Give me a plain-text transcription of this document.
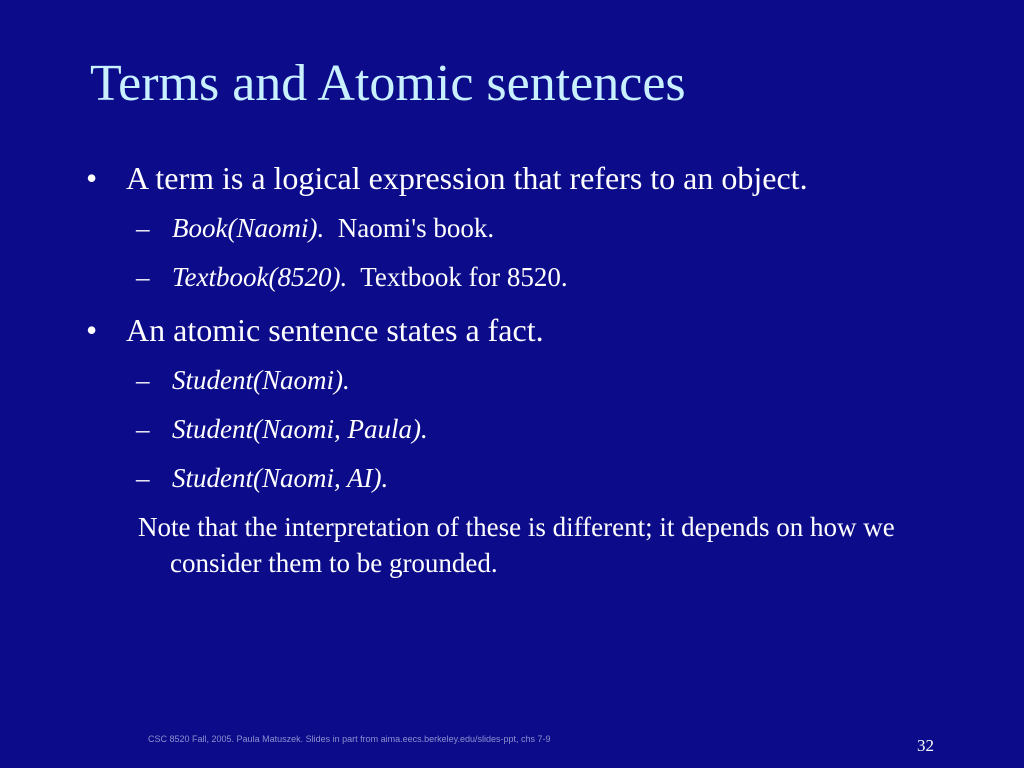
Terms and Atomic sentences
• A term is a logical expression that refers to an object.
– Book(Naomi). Naomi's book.
– Textbook(8520). Textbook for 8520.
• An atomic sentence states a fact.
– Student(Naomi).
– Student(Naomi, Paula).
– Student(Naomi, AI).
Note that the interpretation of these is different; it depends on how we consider them to be grounded.
CSC 8520 Fall, 2005. Paula Matuszek. Slides in part from aima.eecs.berkeley.edu/slides-ppt, chs 7-9	32
